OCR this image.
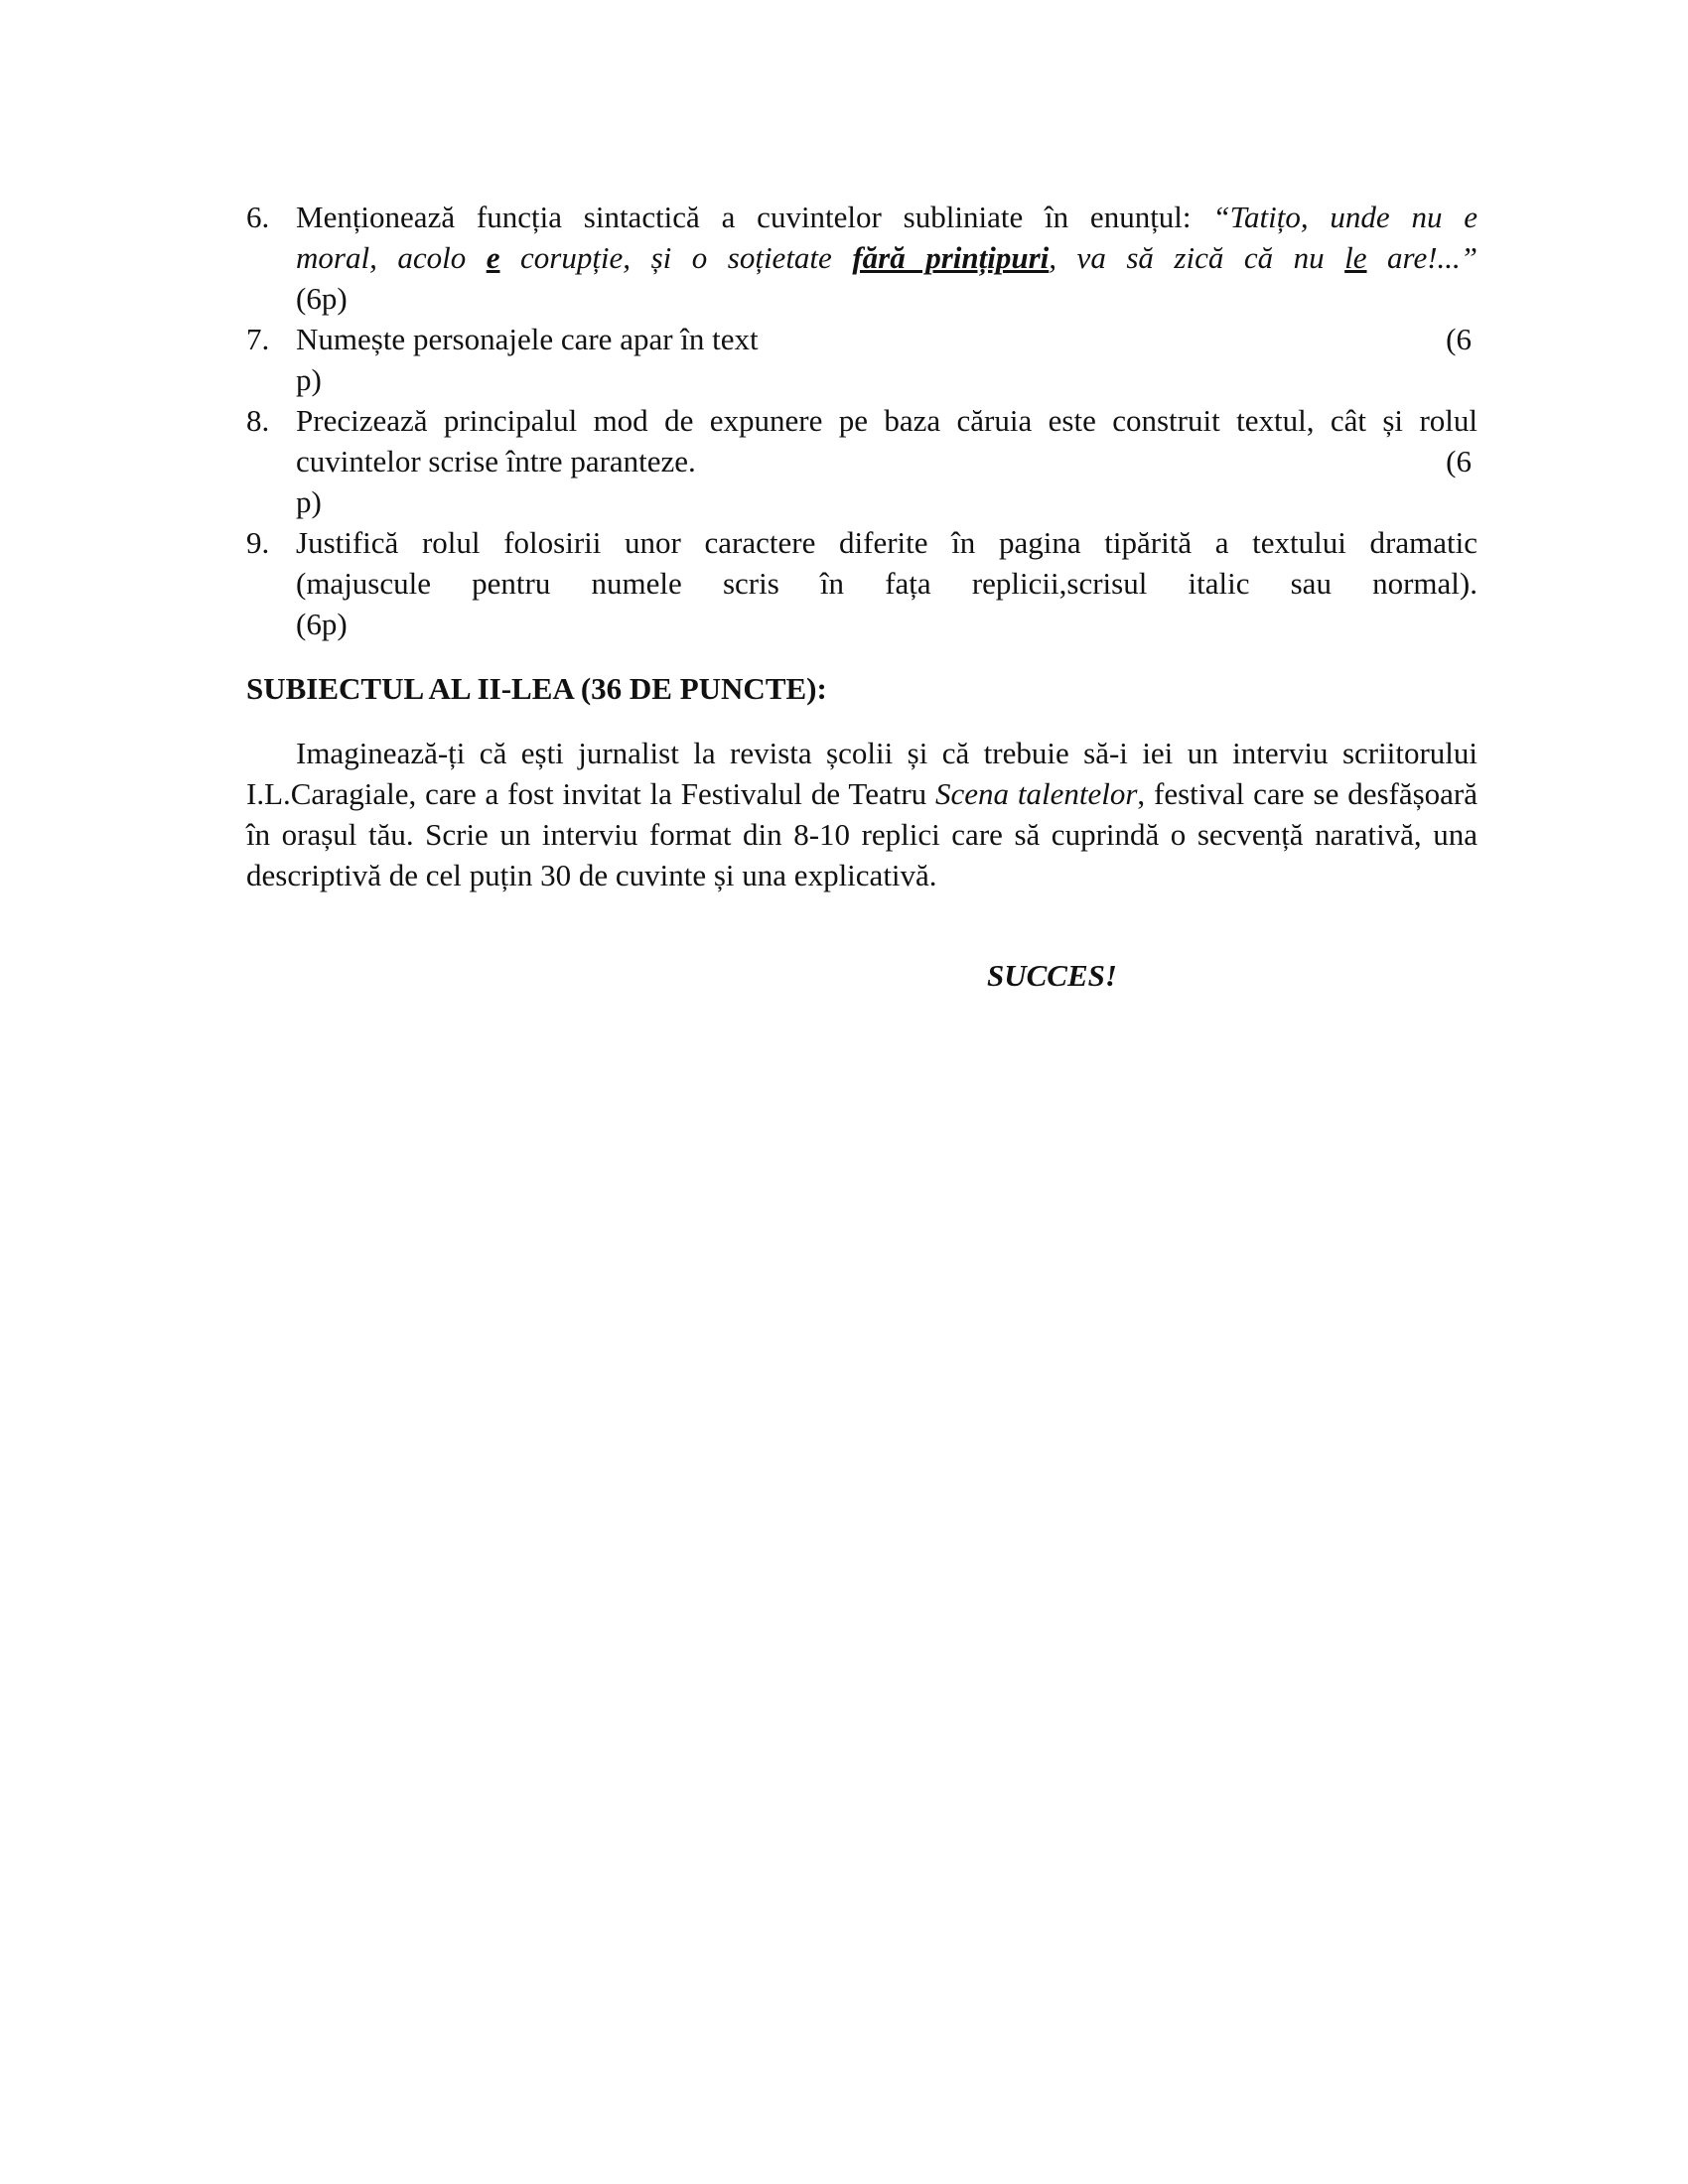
6. Menționează funcția sintactică a cuvintelor subliniate în enunțul: “Tatițo, unde nu e
moral, acolo e corupție, și o soțietate fără prințipuri, va să zică că nu le are!...”
(6p)
7. Numește personajele care apar în text	(6
p)
8. Precizează principalul mod de expunere pe baza căruia este construit textul, cât și rolul
cuvintelor scrise între paranteze.	(6
p)
9. Justifică rolul folosirii unor caractere diferite în pagina tipărită a textului dramatic
(majuscule pentru numele scris în fața replicii,scrisul italic sau normal).
(6p)
SUBIECTUL AL II-LEA (36 DE PUNCTE):
Imaginează-ți că ești jurnalist la revista școlii și că trebuie să-i iei un interviu scriitorului I.L.Caragiale, care a fost invitat la Festivalul de Teatru Scena talentelor, festival care se desfășoară în orașul tău. Scrie un interviu format din 8-10 replici care să cuprindă o secvență narativă, una descriptivă de cel puțin 30 de cuvinte și una explicativă.
SUCCES!
